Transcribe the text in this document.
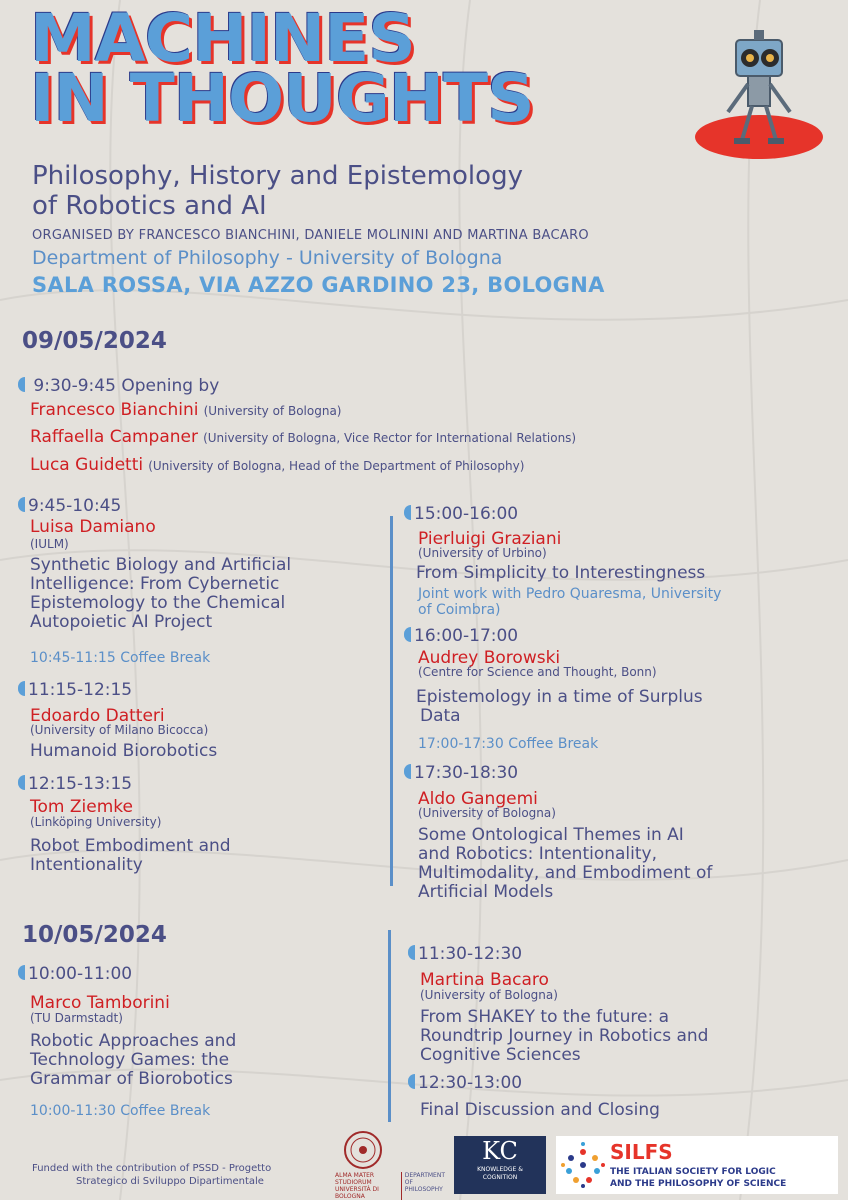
MACHINES
IN THOUGHTS
Philosophy, History and Epistemology
of Robotics and AI
ORGANISED BY FRANCESCO BIANCHINI, DANIELE MOLININI AND MARTINA BACARO
Department of Philosophy - University of Bologna
SALA ROSSA, VIA AZZO GARDINO 23, BOLOGNA
09/05/2024
9:30-9:45 Opening by
Francesco Bianchini (University of Bologna)
Raffaella Campaner (University of Bologna, Vice Rector for International Relations)
Luca Guidetti (University of Bologna, Head of the Department of Philosophy)
9:45-10:45
Luisa Damiano
(IULM)
Synthetic Biology and Artificial
Intelligence: From Cybernetic
Epistemology to the Chemical
Autopoietic AI Project
10:45-11:15 Coffee Break
11:15-12:15
Edoardo Datteri
(University of Milano Bicocca)
Humanoid Biorobotics
12:15-13:15
Tom Ziemke
(Linköping University)
Robot Embodiment and
Intentionality
15:00-16:00
Pierluigi Graziani
(University of Urbino)
From Simplicity to Interestingness
Joint work with Pedro Quaresma, University
of Coimbra)
16:00-17:00
Audrey Borowski
(Centre for Science and Thought, Bonn)
Epistemology in a time of Surplus
Data
17:00-17:30 Coffee Break
17:30-18:30
Aldo Gangemi
(University of Bologna)
Some Ontological Themes in AI
and Robotics: Intentionality,
Multimodality, and Embodiment of
Artificial Models
10/05/2024
10:00-11:00
Marco Tamborini
(TU Darmstadt)
Robotic Approaches and
Technology Games: the
Grammar of Biorobotics
10:00-11:30 Coffee Break
11:30-12:30
Martina Bacaro
(University of Bologna)
From SHAKEY to the future: a
Roundtrip Journey in Robotics and
Cognitive Sciences
12:30-13:00
Final Discussion and Closing
Funded with the contribution of PSSD - Progetto
Strategico di Sviluppo Dipartimentale
ALMA MATER STUDIORUM
UNIVERSITÀ DI BOLOGNA
DEPARTMENT
OF PHILOSOPHY
KC
KNOWLEDGE &
COGNITION
SILFS
THE ITALIAN SOCIETY FOR LOGIC
AND THE PHILOSOPHY OF SCIENCE
